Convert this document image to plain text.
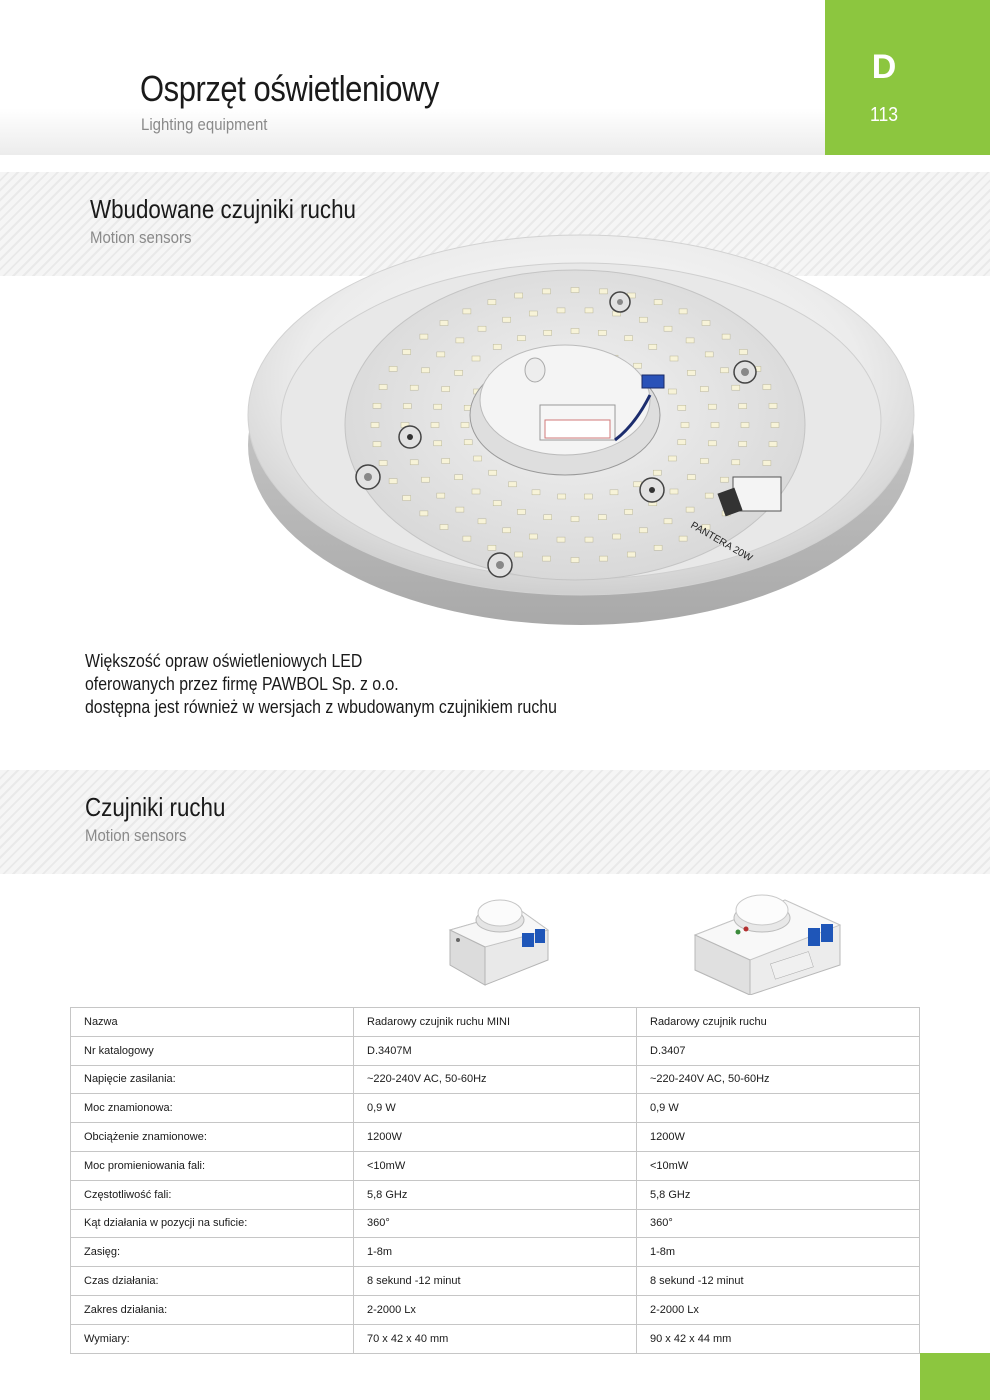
Osprzęt oświetleniowy
Lighting equipment
D
113
Wbudowane czujniki ruchu
Motion sensors
PANTERA 20W
Większość opraw oświetleniowych LED
oferowanych przez firmę PAWBOL Sp. z o.o.
dostępna jest również w wersjach z wbudowanym czujnikiem ruchu
Czujniki ruchu
Motion sensors
Nazwa	Radarowy czujnik ruchu MINI	Radarowy czujnik ruchu
Nr katalogowy	D.3407M	D.3407
Napięcie zasilania:	~220-240V AC, 50-60Hz	~220-240V AC, 50-60Hz
Moc znamionowa:	0,9 W	0,9 W
Obciążenie znamionowe:	1200W	1200W
Moc promieniowania fali:	<10mW	<10mW
Częstotliwość fali:	5,8 GHz	5,8 GHz
Kąt działania w pozycji na suficie:	360°	360°
Zasięg:	1-8m	1-8m
Czas działania:	8 sekund -12 minut	8 sekund -12 minut
Zakres działania:	2-2000 Lx	2-2000 Lx
Wymiary:	70 x 42 x 40 mm	90 x 42 x 44 mm
